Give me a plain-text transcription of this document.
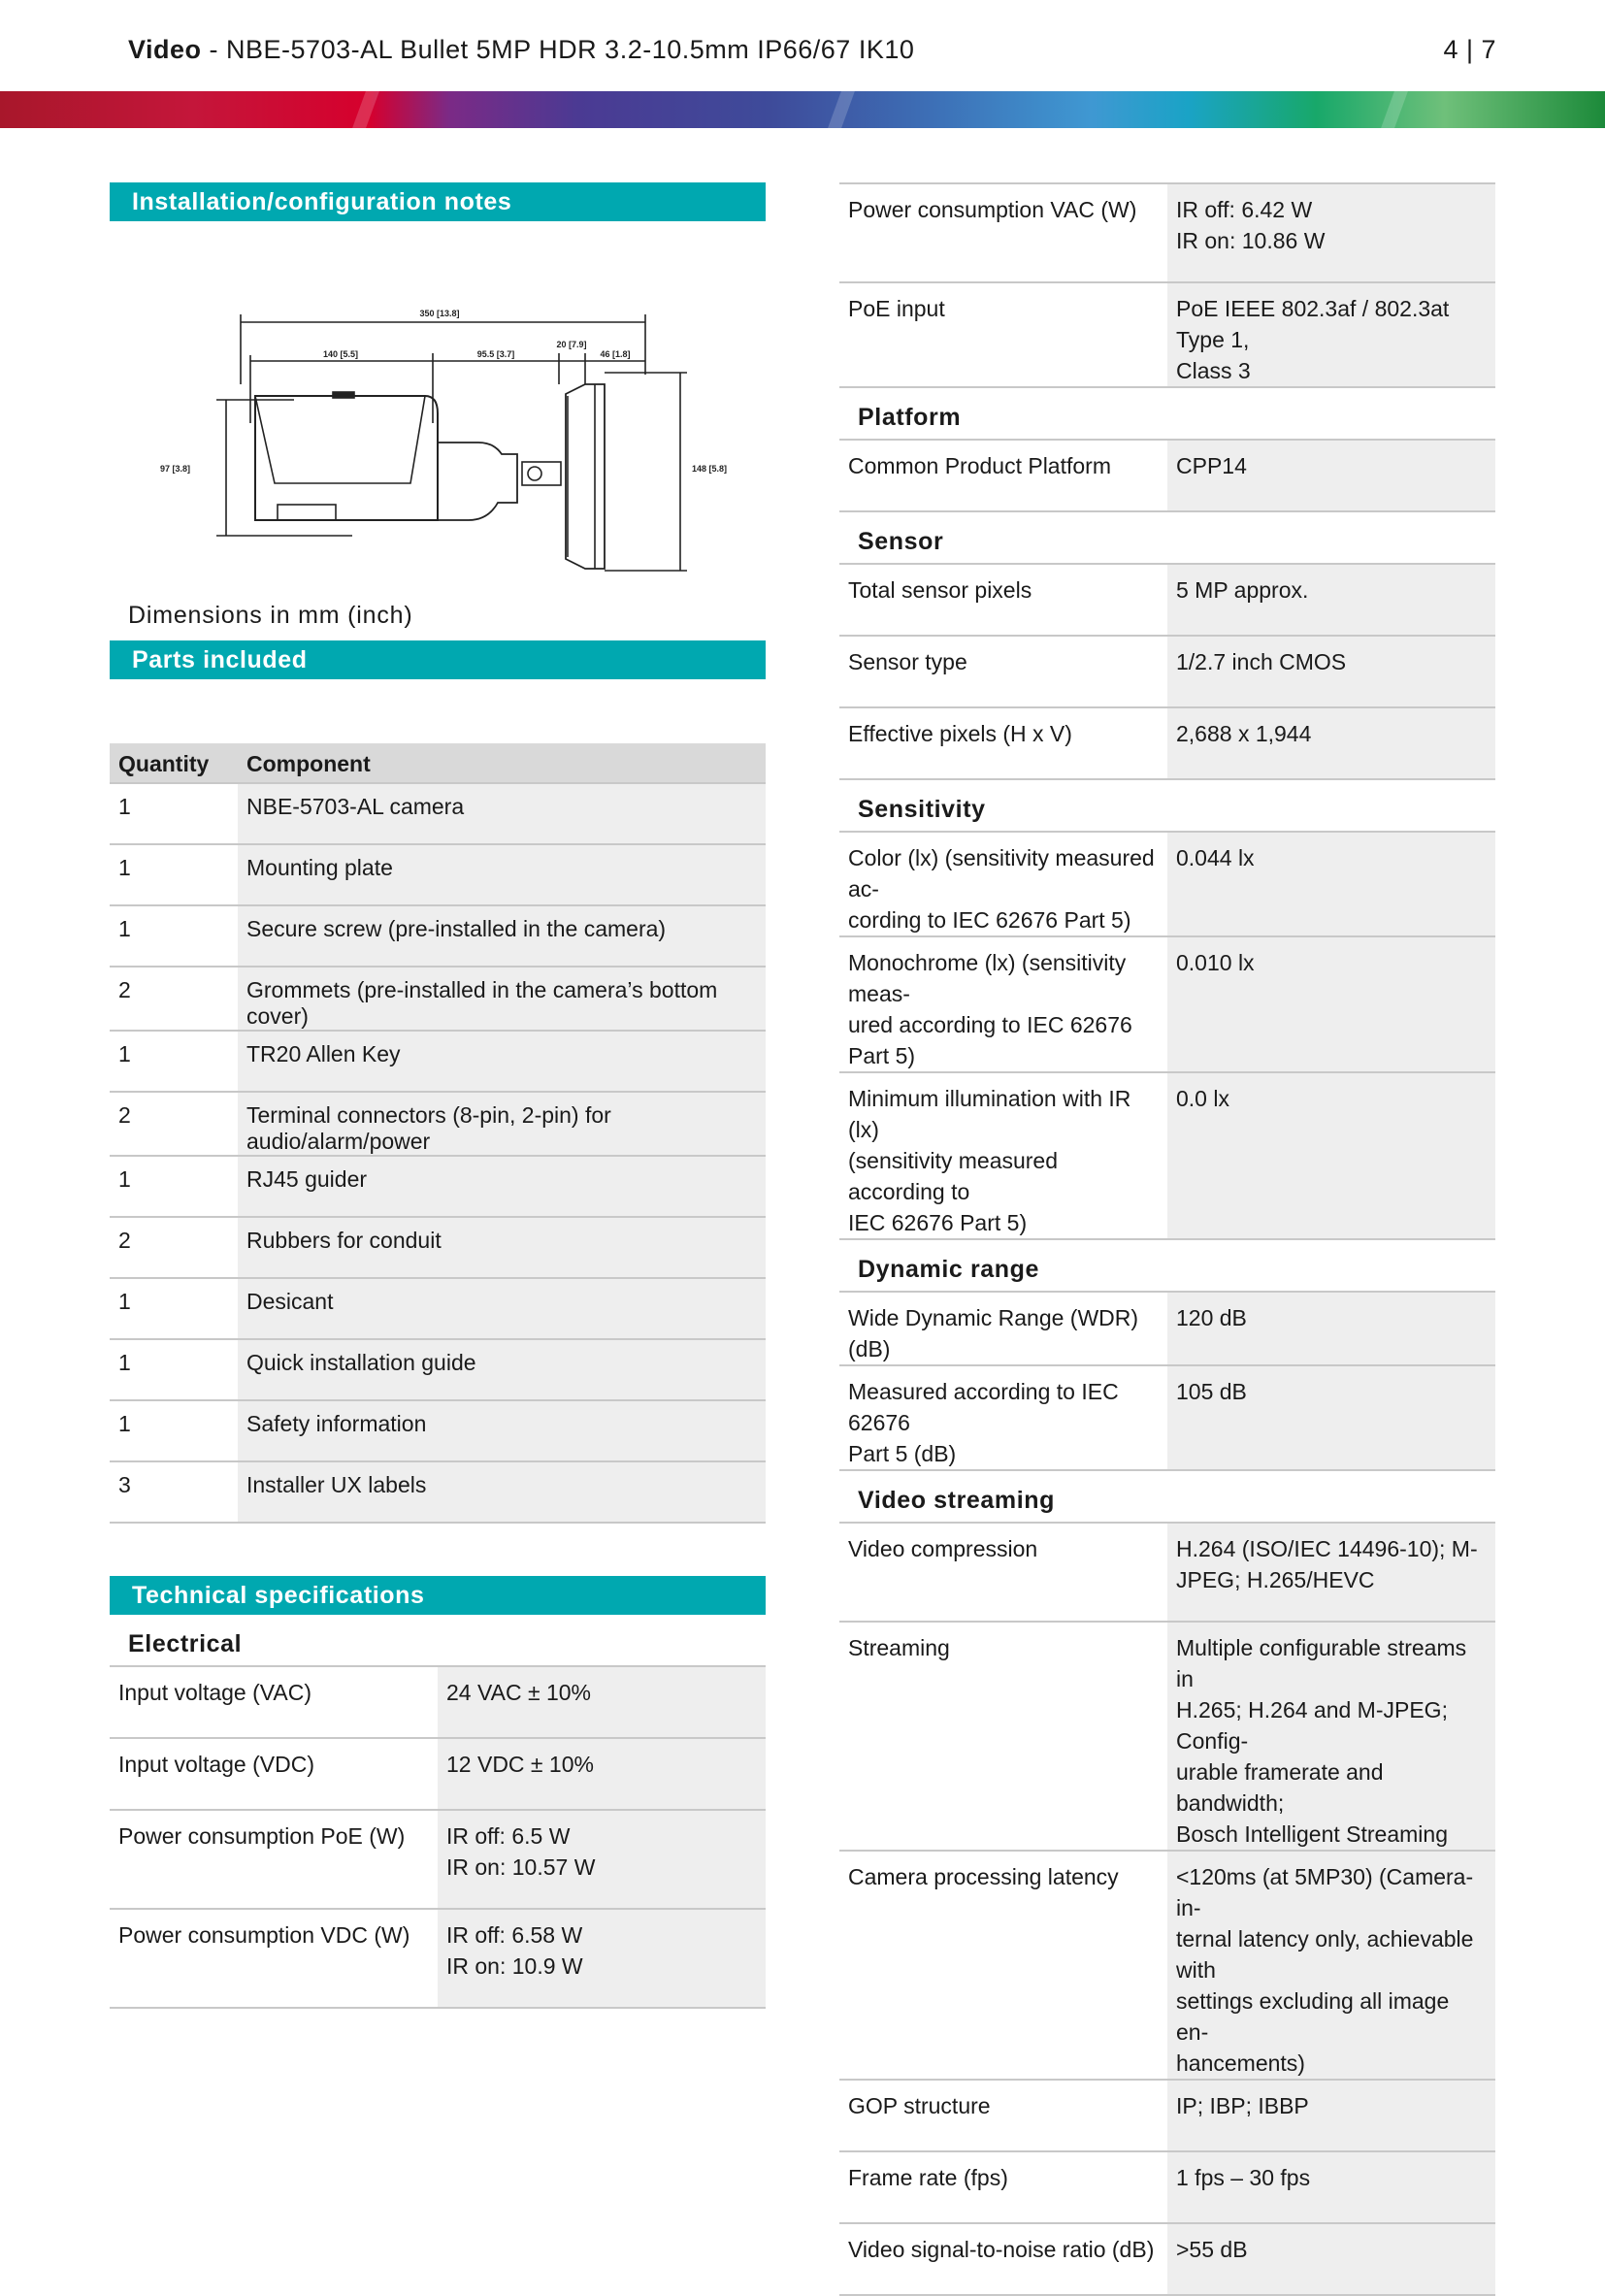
Video - NBE-5703-AL Bullet 5MP HDR 3.2-10.5mm IP66/67 IK10	4 | 7
Installation/configuration notes
350 [13.8]
140 [5.5]	95.5 [3.7]
20 [7.9]
46 [1.8]
97 [3.8]	148 [5.8]
Dimensions in mm (inch)
Parts included
Quantity	Component
1	NBE-5703-AL camera
1	Mounting plate
1	Secure screw (pre-installed in the camera)
2	Grommets (pre-installed in the camera’s bottom cover)
1	TR20 Allen Key
2	Terminal connectors (8-pin, 2-pin) for audio/alarm/power
1	RJ45 guider
2	Rubbers for conduit
1	Desicant
1	Quick installation guide
1	Safety information
3	Installer UX labels
Technical specifications
Electrical
Input voltage (VAC)	24 VAC ± 10%

Input voltage (VDC)	12 VDC ± 10%

Power consumption PoE (W)	IR off: 6.5 W
IR on: 10.57 W

Power consumption VDC (W)	IR off: 6.58 W
IR on: 10.9 W
Power consumption VAC (W)	IR off: 6.42 W
IR on: 10.86 W

PoE input	PoE IEEE 802.3af / 802.3at Type 1,
Class 3
Platform
Common Product Platform	CPP14
Sensor
Total sensor pixels	5 MP approx.

Sensor type	1/2.7 inch CMOS

Effective pixels (H x V)	2,688 x 1,944
Sensitivity
Color (lx) (sensitivity measured ac-
cording to IEC 62676 Part 5)	0.044 lx

Monochrome (lx) (sensitivity meas-
ured according to IEC 62676 Part 5)	0.010 lx

Minimum illumination with IR (lx)
(sensitivity measured according to
IEC 62676 Part 5)	0.0 lx
Dynamic range
Wide Dynamic Range (WDR) (dB)	120 dB

Measured according to IEC 62676
Part 5 (dB)	105 dB
Video streaming
Video compression	H.264 (ISO/IEC 14496-10); M-
JPEG; H.265/HEVC

Streaming	Multiple configurable streams in
H.265; H.264 and M-JPEG; Config-
urable framerate and bandwidth;
Bosch Intelligent Streaming

Camera processing latency	<120ms (at 5MP30) (Camera-in-
ternal latency only, achievable with
settings excluding all image en-
hancements)

GOP structure	IP; IBP; IBBP

Frame rate (fps)	1 fps – 30 fps

Video signal-to-noise ratio (dB)	>55 dB
